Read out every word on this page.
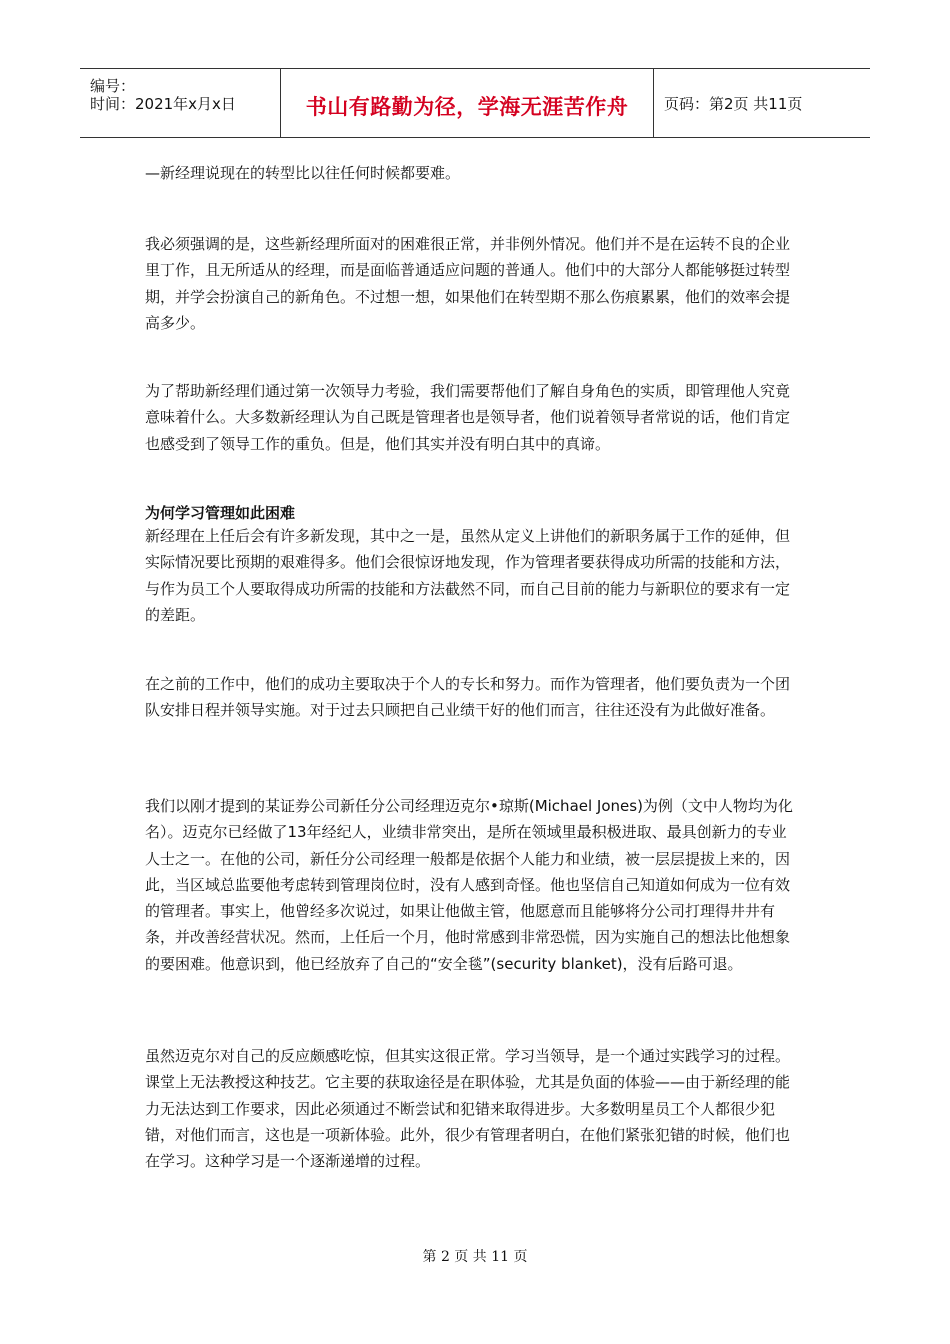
编号：
时间：2021年x月x日	书山有路勤为径，学海无涯苦作舟	页码：第2页 共11页

—新经理说现在的转型比以往任何时候都要难。

我必须强调的是，这些新经理所面对的困难很正常，并非例外情况。他们并不是在运转不良的企业里丁作，且无所适从的经理，而是面临普通适应问题的普通人。他们中的大部分人都能够挺过转型期，并学会扮演自己的新角色。不过想一想，如果他们在转型期不那么伤痕累累，他们的效率会提高多少。

为了帮助新经理们通过第一次领导力考验，我们需要帮他们了解自身角色的实质，即管理他人究竟意味着什么。大多数新经理认为自己既是管理者也是领导者，他们说着领导者常说的话，他们肯定也感受到了领导工作的重负。但是，他们其实并没有明白其中的真谛。

为何学习管理如此困难

新经理在上任后会有许多新发现，其中之一是，虽然从定义上讲他们的新职务属于工作的延伸，但实际情况要比预期的艰难得多。他们会很惊讶地发现，作为管理者要获得成功所需的技能和方法，与作为员工个人要取得成功所需的技能和方法截然不同，而自己目前的能力与新职位的要求有一定的差距。

在之前的工作中，他们的成功主要取决于个人的专长和努力。而作为管理者，他们要负责为一个团队安排日程并领导实施。对于过去只顾把自己业绩干好的他们而言，往往还没有为此做好准备。

我们以刚才提到的某证券公司新任分公司经理迈克尔•琼斯(Michael Jones)为例（文中人物均为化名）。迈克尔已经做了13年经纪人，业绩非常突出，是所在领域里最积极进取、最具创新力的专业人士之一。在他的公司，新任分公司经理一般都是依据个人能力和业绩，被一层层提拔上来的，因此，当区域总监要他考虑转到管理岗位时，没有人感到奇怪。他也坚信自己知道如何成为一位有效的管理者。事实上，他曾经多次说过，如果让他做主管，他愿意而且能够将分公司打理得井井有条，并改善经营状况。然而，上任后一个月，他时常感到非常恐慌，因为实施自己的想法比他想象的要困难。他意识到，他已经放弃了自己的“安全毯”(security blanket)，没有后路可退。

虽然迈克尔对自己的反应颇感吃惊，但其实这很正常。学习当领导，是一个通过实践学习的过程。课堂上无法教授这种技艺。它主要的获取途径是在职体验，尤其是负面的体验——由于新经理的能力无法达到工作要求，因此必须通过不断尝试和犯错来取得进步。大多数明星员工个人都很少犯错，对他们而言，这也是一项新体验。此外，很少有管理者明白，在他们紧张犯错的时候，他们也在学习。这种学习是一个逐渐递增的过程。

第 2 页 共 11 页
